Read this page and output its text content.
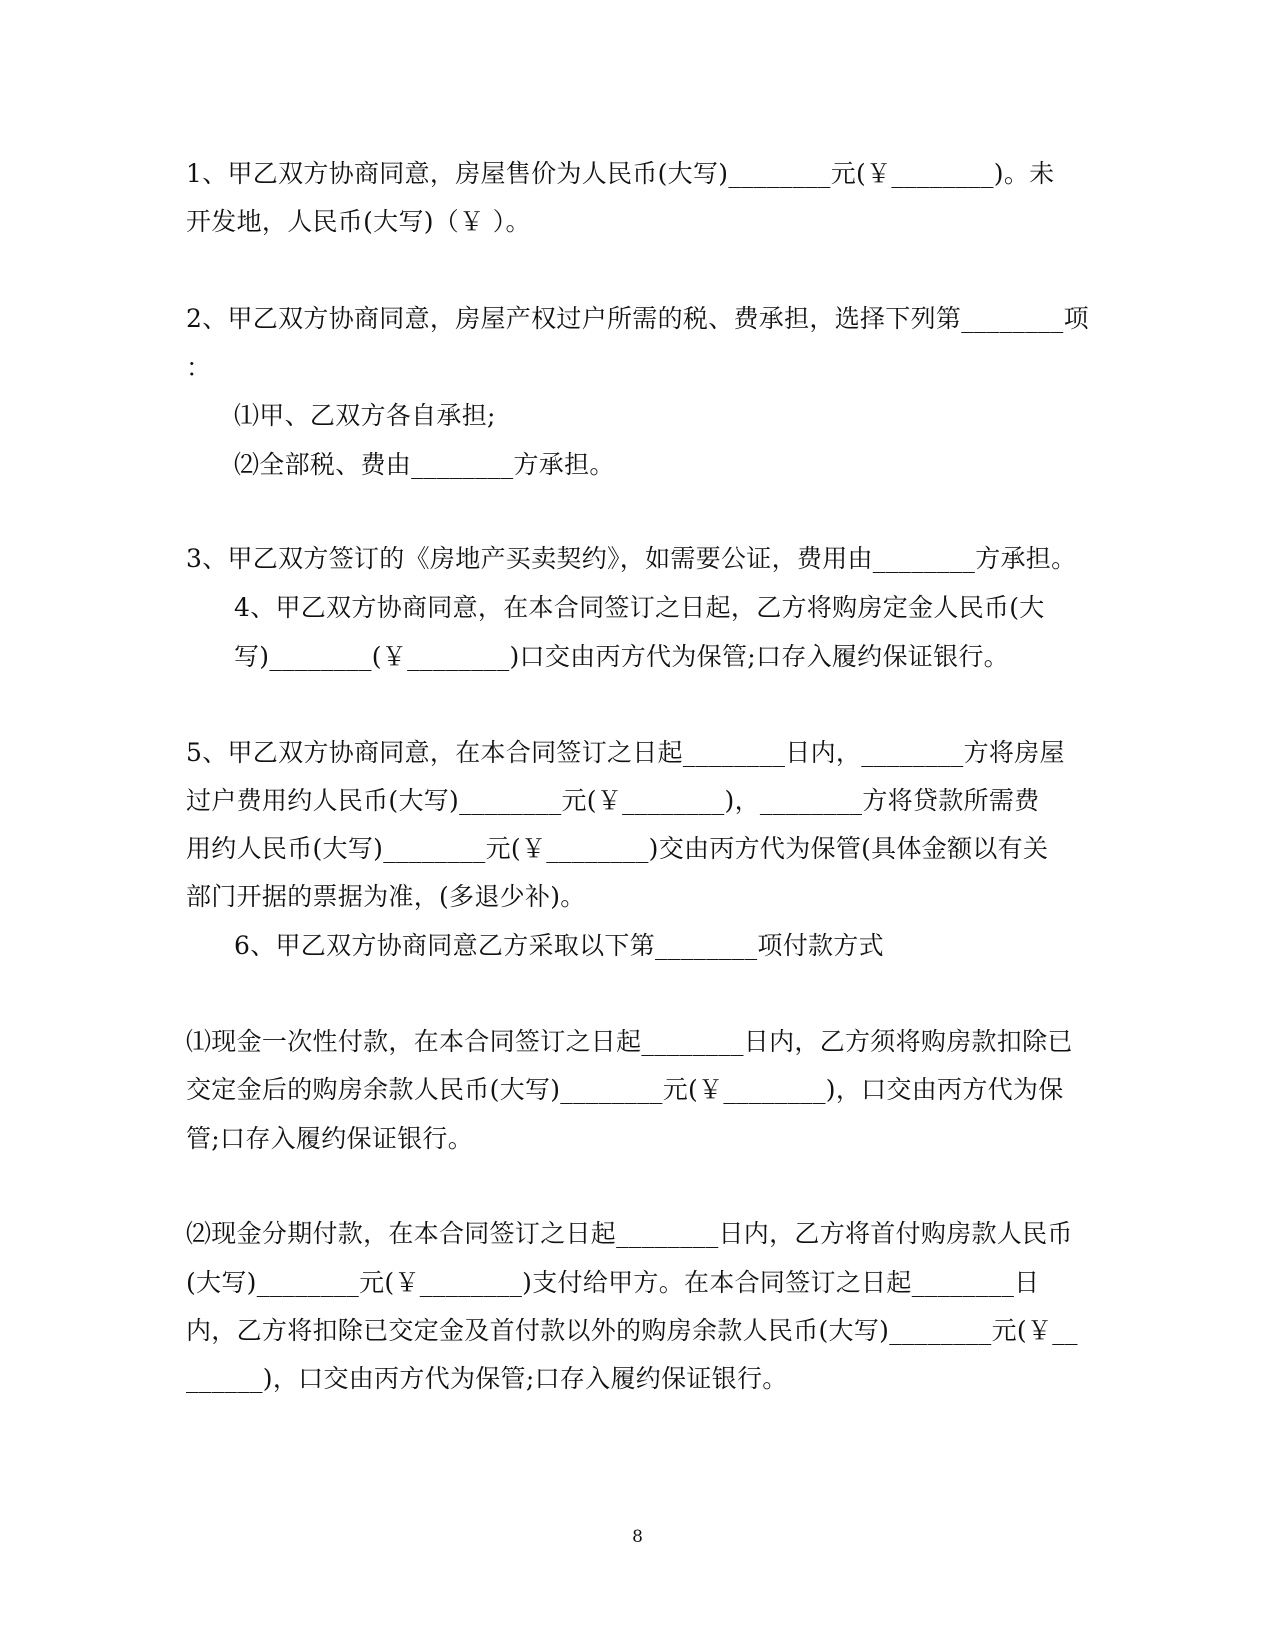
1、甲乙双方协商同意，房屋售价为人民币(大写)________元(￥________)。未
开发地，人民币(大写)（￥ ）。
2、甲乙双方协商同意，房屋产权过户所需的税、费承担，选择下列第________项
：
⑴甲、乙双方各自承担;
⑵全部税、费由________方承担。
3、甲乙双方签订的《房地产买卖契约》，如需要公证，费用由________方承担。
4、甲乙双方协商同意，在本合同签订之日起，乙方将购房定金人民币(大
写)________(￥________)口交由丙方代为保管;口存入履约保证银行。
5、甲乙双方协商同意，在本合同签订之日起________日内，________方将房屋
过户费用约人民币(大写)________元(￥________)，________方将贷款所需费
用约人民币(大写)________元(￥________)交由丙方代为保管(具体金额以有关
部门开据的票据为准，(多退少补)。
6、甲乙双方协商同意乙方采取以下第________项付款方式
⑴现金一次性付款，在本合同签订之日起________日内，乙方须将购房款扣除已
交定金后的购房余款人民币(大写)________元(￥________)，口交由丙方代为保
管;口存入履约保证银行。
⑵现金分期付款，在本合同签订之日起________日内，乙方将首付购房款人民币
(大写)________元(￥________)支付给甲方。在本合同签订之日起________日
内，乙方将扣除已交定金及首付款以外的购房余款人民币(大写)________元(￥__
______)，口交由丙方代为保管;口存入履约保证银行。
8
